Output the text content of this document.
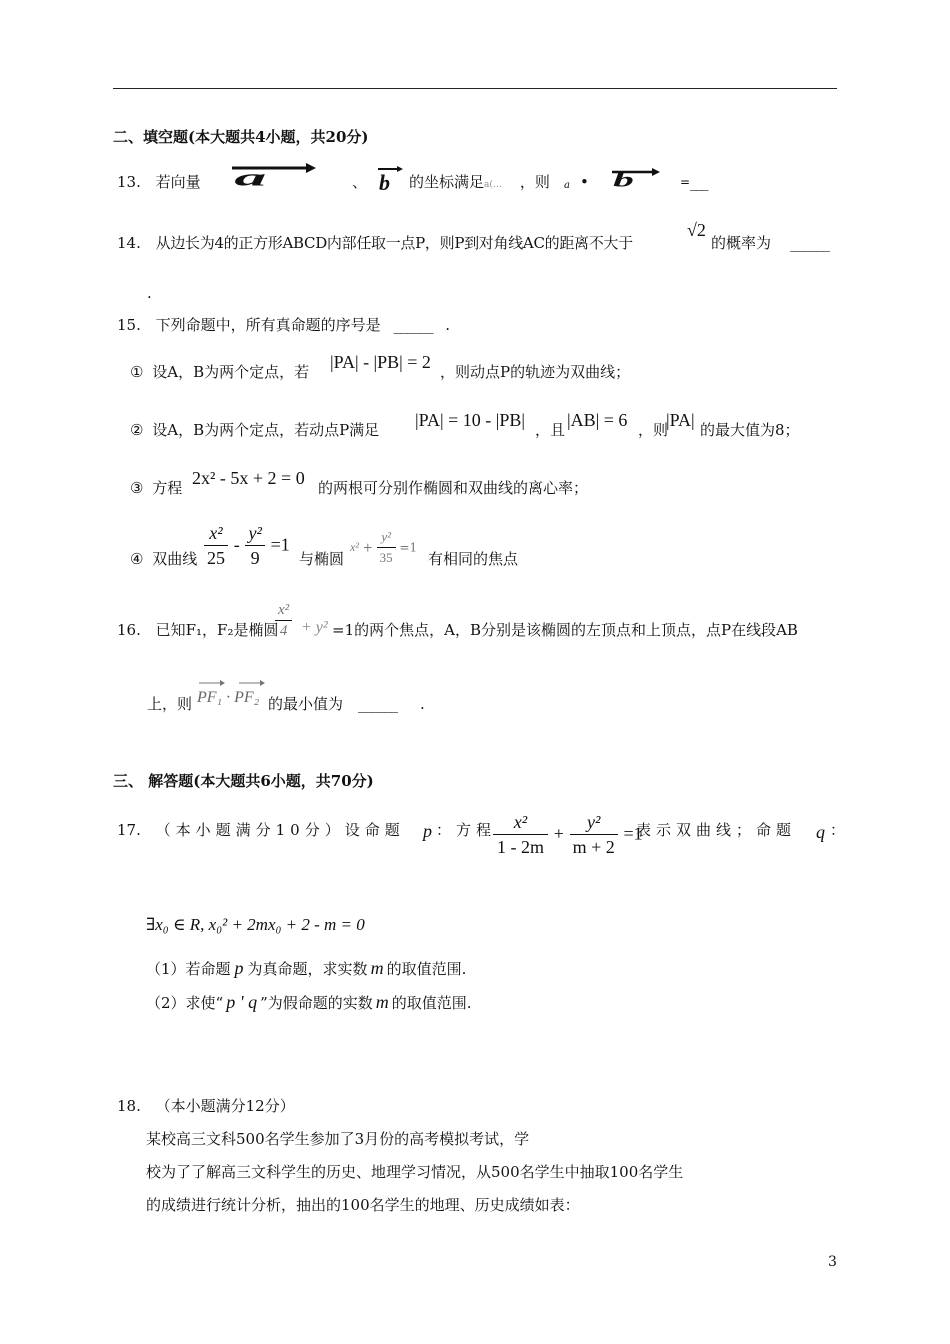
二、填空题(本大题共4小题，共20分)
13. 若向量 a	、 b 的坐标满足a(… ，则 a • b	= ___
14. 从边长为4的正方形ABCD内部任取一点P，则P到对角线AC的距离不大于
√2
的概率为 ______
.
15. 下列命题中，所有真命题的序号是 ______ .
① 设A，B为两个定点，若 |PA| - |PB| = 2 ，则动点P的轨迹为双曲线；
② 设A，B为两个定点，若动点P满足 |PA| = 10 - |PB| ，且 |AB| = 6 ，则
|PA| 的最大值为8；
③ 方程 2x² - 5x + 2 = 0 的两根可分别作椭圆和双曲线的离心率；
④ 双曲线 $\frac{\text{x²}}{25} - \frac{\text{y²}}{9} =1$
与椭圆
$x^2 + \frac{\text{y²}}{35} =1$
有相同的焦点
16. 已知F₁，F₂是椭圆
$\frac{\text{x²}}{4} + y^2 =1$的两个焦点，A，B分别是该椭圆的左顶点和上顶点，点P在线段AB
上，则 PF₁ · PF₂ 的最小值为 ______ .
三、 解答题(本大题共6小题，共70分)
17. （本小题满分10分）设命题 p ：方程
$\frac{\text{x²}}{1 - 2m} + \frac{\text{y²}}{m + 2} =1$
表示双曲线；命题 q ：
∃x₀ ∈ R, x₀² + 2mx₀ + 2 - m = 0
（1）若命题 p 为真命题，求实数 m 的取值范围.
（2）求使“ p ' q ”为假命题的实数 m 的取值范围.
18. （本小题满分12分）
某校高三文科500名学生参加了3月份的高考模拟考试，学
校为了了解高三文科学生的历史、地理学习情况，从500名学生中抽取100名学生
的成绩进行统计分析，抽出的100名学生的地理、历史成绩如表：
3
